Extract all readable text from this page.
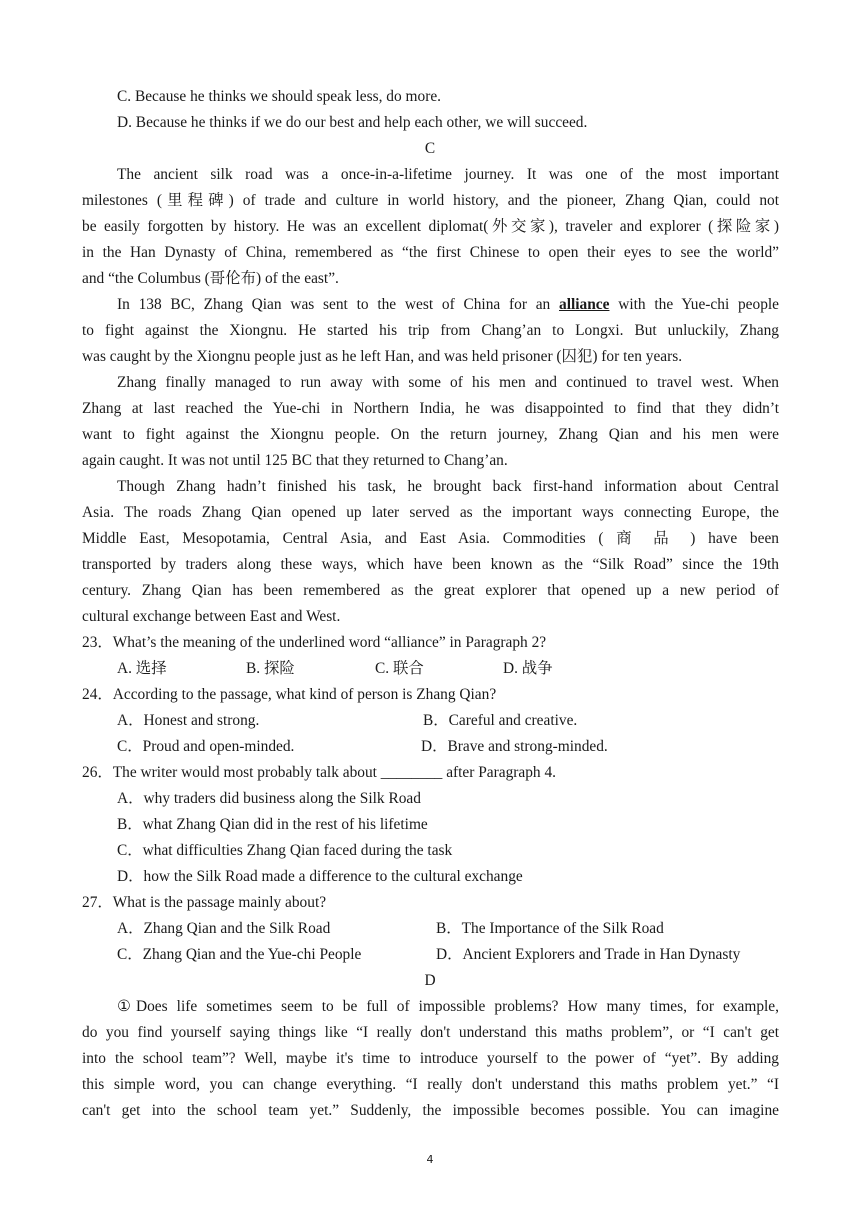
C. Because he thinks we should speak less, do more.
D. Because he thinks if we do our best and help each other, we will succeed.
C
The ancient silk road was a once-in-a-lifetime journey. It was one of the most important
milestones (里程碑) of trade and culture in world history, and the pioneer, Zhang Qian, could not
be easily forgotten by history. He was an excellent diplomat(外交家), traveler and explorer (探险家)
in the Han Dynasty of China, remembered as “the first Chinese to open their eyes to see the world”
and “the Columbus (哥伦布) of the east”.
In 138 BC, Zhang Qian was sent to the west of China for an alliance with the Yue-chi people
to fight against the Xiongnu. He started his trip from Chang’an to Longxi. But unluckily, Zhang
was caught by the Xiongnu people just as he left Han, and was held prisoner (囚犯) for ten years.
Zhang finally managed to run away with some of his men and continued to travel west. When
Zhang at last reached the Yue-chi in Northern India, he was disappointed to find that they didn’t
want to fight against the Xiongnu people. On the return journey, Zhang Qian and his men were
again caught. It was not until 125 BC that they returned to Chang’an.
Though Zhang hadn’t finished his task, he brought back first-hand information about Central
Asia. The roads Zhang Qian opened up later served as the important ways connecting Europe, the
Middle East, Mesopotamia, Central Asia, and East Asia. Commodities ( 商 品 ) have been
transported by traders along these ways, which have been known as the “Silk Road” since the 19th
century. Zhang Qian has been remembered as the great explorer that opened up a new period of
cultural exchange between East and West.
23．What’s the meaning of the underlined word “alliance” in Paragraph 2?
A. 选择	B. 探险	C. 联合	D. 战争
24．According to the passage, what kind of person is Zhang Qian?
A．Honest and strong.	B．Careful and creative.
C．Proud and open-minded.	D．Brave and strong-minded.
26．The writer would most probably talk about ________ after Paragraph 4.
A．why traders did business along the Silk Road
B．what Zhang Qian did in the rest of his lifetime
C．what difficulties Zhang Qian faced during the task
D．how the Silk Road made a difference to the cultural exchange
27．What is the passage mainly about?
A．Zhang Qian and the Silk Road	B．The Importance of the Silk Road
C．Zhang Qian and the Yue-chi People	D．Ancient Explorers and Trade in Han Dynasty
D
①Does life sometimes seem to be full of impossible problems? How many times, for example,
do you find yourself saying things like “I really don't understand this maths problem”, or “I can't get
into the school team”? Well, maybe it's time to introduce yourself to the power of “yet”. By adding
this simple word, you can change everything. “I really don't understand this maths problem yet.” “I
can't get into the school team yet.” Suddenly, the impossible becomes possible. You can imagine
4
